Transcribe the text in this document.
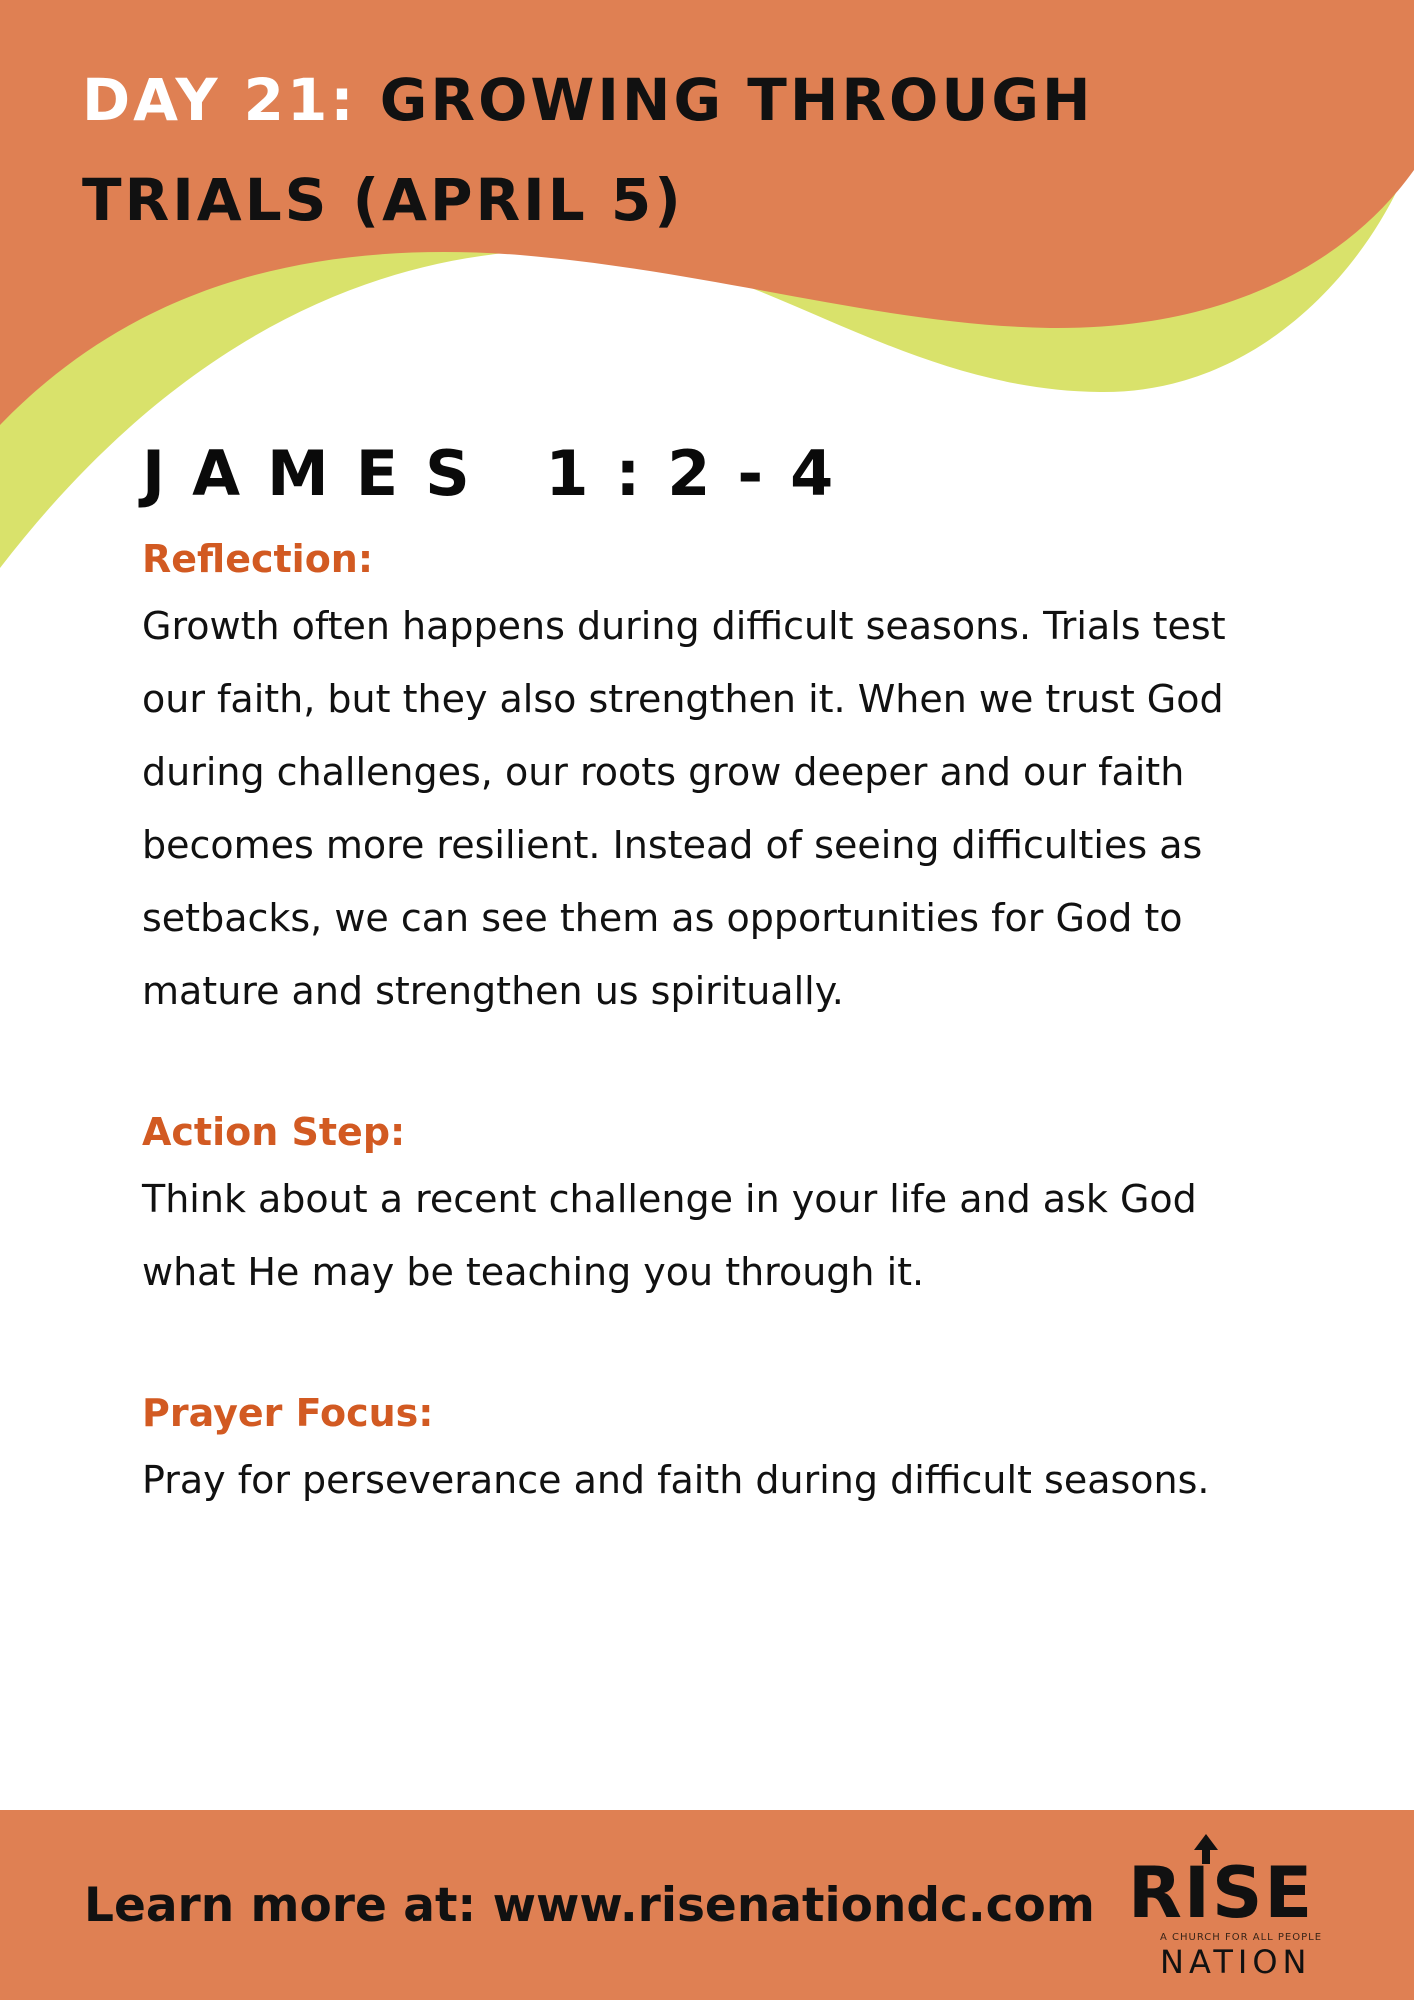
DAY 21: GROWING THROUGH TRIALS (APRIL 5)
JAMES 1:2-4
Reflection:

Growth often happens during difficult seasons. Trials test our faith, but they also strengthen it. When we trust God during challenges, our roots grow deeper and our faith becomes more resilient. Instead of seeing difficulties as setbacks, we can see them as opportunities for God to mature and strengthen us spiritually.

Action Step:

Think about a recent challenge in your life and ask God what He may be teaching you through it.

Prayer Focus:

Pray for perseverance and faith during difficult seasons.

Learn more at: www.risenationdc.com RISE
A CHURCH FOR ALL PEOPLE
NATION
